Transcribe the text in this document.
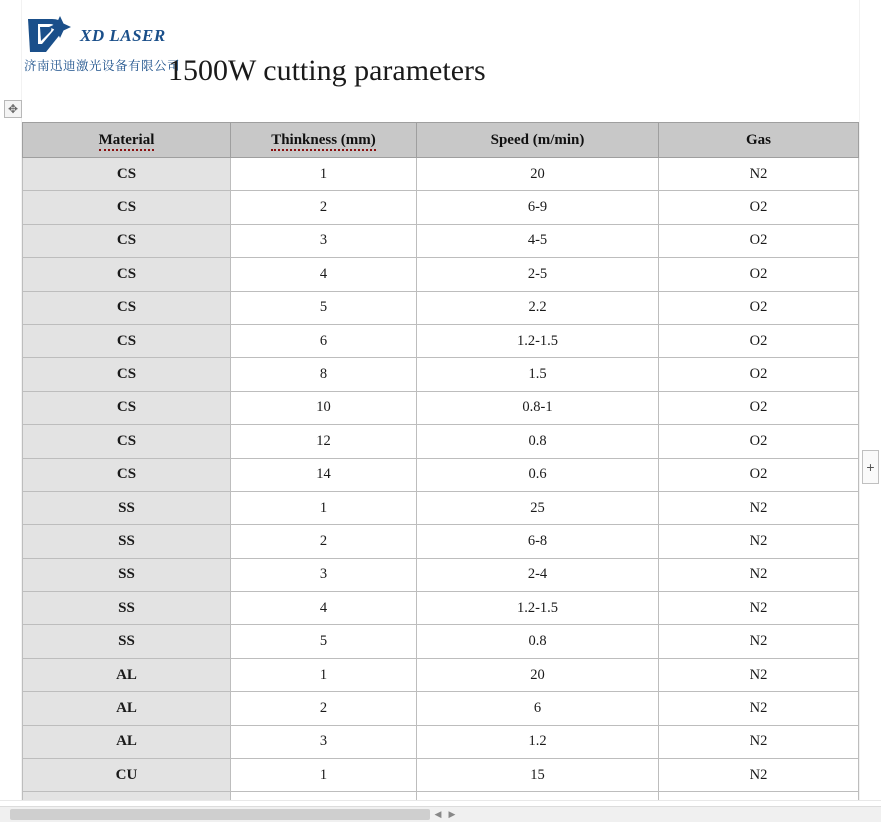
XD LASER
济南迅迪激光设备有限公司
1500W cutting parameters
✥
+
Material	Thinkness (mm)	Speed (m/min)	Gas
CS	1	20	N2
CS	2	6-9	O2
CS	3	4-5	O2
CS	4	2-5	O2
CS	5	2.2	O2
CS	6	1.2-1.5	O2
CS	8	1.5	O2
CS	10	0.8-1	O2
CS	12	0.8	O2
CS	14	0.6	O2
SS	1	25	N2
SS	2	6-8	N2
SS	3	2-4	N2
SS	4	1.2-1.5	N2
SS	5	0.8	N2
AL	1	20	N2
AL	2	6	N2
AL	3	1.2	N2
CU	1	15	N2

◀ ▶
